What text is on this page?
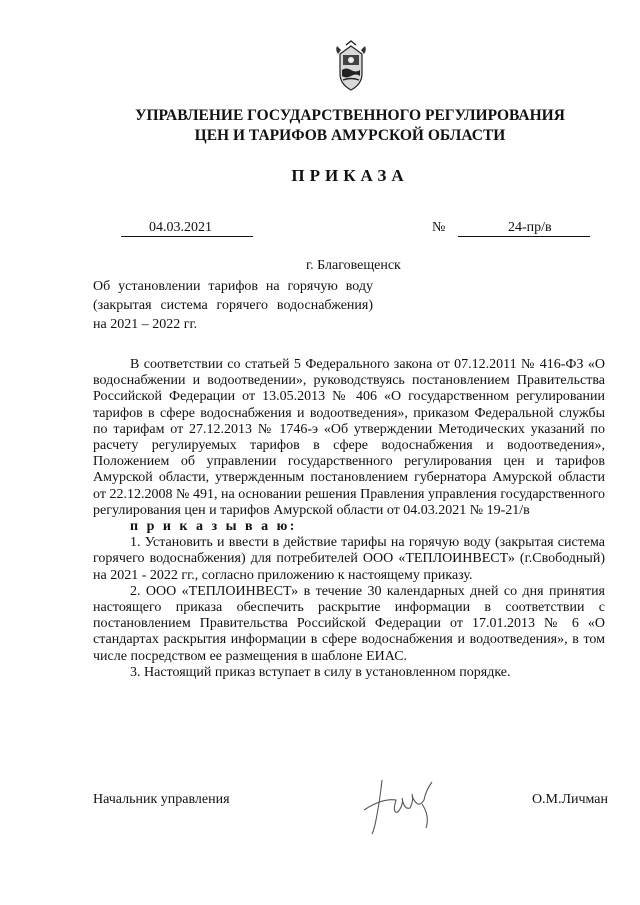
УПРАВЛЕНИЕ ГОСУДАРСТВЕННОГО РЕГУЛИРОВАНИЯ
ЦЕН И ТАРИФОВ АМУРСКОЙ ОБЛАСТИ
ПРИКАЗА
04.03.2021	№	24-пр/в
г. Благовещенск
Об установлении тарифов на горячую воду (закрытая система горячего водоснабжения) на 2021 – 2022 гг.

В соответствии со статьей 5 Федерального закона от 07.12.2011 № 416-ФЗ «О водоснабжении и водоотведении», руководствуясь постановлением Правительства Российской Федерации от 13.05.2013 № 406 «О государственном регулировании тарифов в сфере водоснабжения и водоотведения», приказом Федеральной службы по тарифам от 27.12.2013 № 1746-э «Об утверждении Методических указаний по расчету регулируемых тарифов в сфере водоснабжения и водоотведения», Положением об управлении государственного регулирования цен и тарифов Амурской области, утвержденным постановлением губернатора Амурской области от 22.12.2008 № 491, на основании решения Правления управления государственного регулирования цен и тарифов Амурской области от 04.03.2021 № 19-21/в

п р и к а з ы в а ю:

1. Установить и ввести в действие тарифы на горячую воду (закрытая система горячего водоснабжения) для потребителей ООО «ТЕПЛОИНВЕСТ» (г.Свободный) на 2021 - 2022 гг., согласно приложению к настоящему приказу.

2. ООО «ТЕПЛОИНВЕСТ» в течение 30 календарных дней со дня принятия настоящего приказа обеспечить раскрытие информации в соответствии с постановлением Правительства Российской Федерации от 17.01.2013 № 6 «О стандартах раскрытия информации в сфере водоснабжения и водоотведения», в том числе посредством ее размещения в шаблоне ЕИАС.

3. Настоящий приказ вступает в силу в установленном порядке.

Начальник управления	О.М.Личман
